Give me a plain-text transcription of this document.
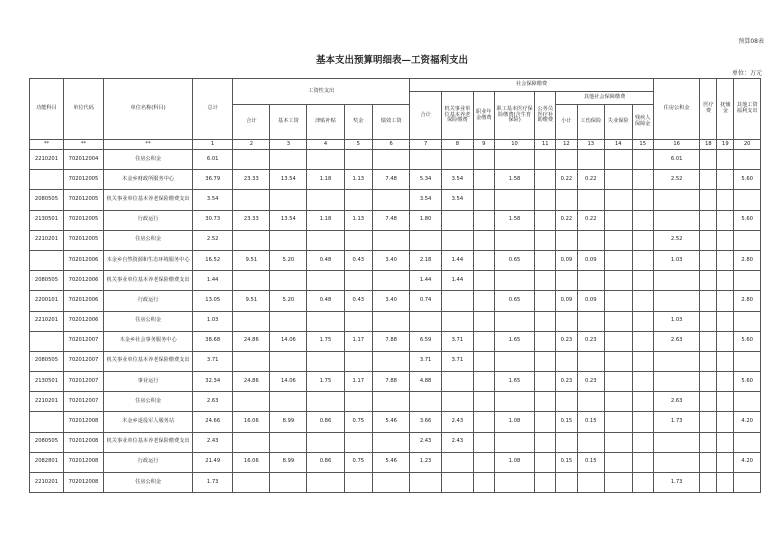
预算08表
基本支出预算明细表—工资福利支出
单位：万元
功能科目	单位代码	单位名称(科目)	总计	工资性支出					社会保障缴费									住房公积金	医疗费	抚恤金	其他工资福利支出
									合计	机关事业单位基本养老保险缴费	职业年金缴费	职工基本医疗保险缴费(含生育保险)	公务员医疗补助缴费	其他社会保障缴费							
				合计	基本工资	津贴补贴	奖金	绩效工资						小计	工伤保险	失业保险	残疾人保障金				
**	**	**	1	2	3	4	5	6	7	8	9	10	11	12	13	14	15	16	18	19	20
2210201	702012004	住房公积金	6.01															6.01			
	702012005	木金乡财政所服务中心	36.79	23.33	13.54	1.18	1.13	7.48	5.34	3.54		1.58		0.22	0.22			2.52			5.60
2080505	702012005	机关事业单位基本养老保险缴费支出	3.54						3.54	3.54											
2130501	702012005	行政运行	30.73	23.33	13.54	1.18	1.13	7.48	1.80			1.58		0.22	0.22						5.60
2210201	702012005	住房公积金	2.52															2.52			
	702012006	木金乡自然资源和生态环境服务中心	16.52	9.51	5.20	0.48	0.43	3.40	2.18	1.44		0.65		0.09	0.09			1.03			2.80
2080505	702012006	机关事业单位基本养老保险缴费支出	1.44						1.44	1.44											
2200101	702012006	行政运行	13.05	9.51	5.20	0.48	0.43	3.40	0.74			0.65		0.09	0.09						2.80
2210201	702012006	住房公积金	1.03															1.03			
	702012007	木金乡社会事务服务中心	38.68	24.86	14.06	1.75	1.17	7.88	6.59	3.71		1.65		0.23	0.23			2.63			5.60
2080505	702012007	机关事业单位基本养老保险缴费支出	3.71						3.71	3.71											
2130501	702012007	事业运行	32.34	24.86	14.06	1.75	1.17	7.88	4.88			1.65		0.23	0.23						5.60
2210201	702012007	住房公积金	2.63															2.63			
	702012008	木金乡退役军人服务站	24.66	16.06	8.99	0.86	0.75	5.46	3.66	2.43		1.08		0.15	0.15			1.73			4.20
2080505	702012008	机关事业单位基本养老保险缴费支出	2.43						2.43	2.43											
2082801	702012008	行政运行	21.49	16.06	8.99	0.86	0.75	5.46	1.23			1.08		0.15	0.15						4.20
2210201	702012008	住房公积金	1.73															1.73			
